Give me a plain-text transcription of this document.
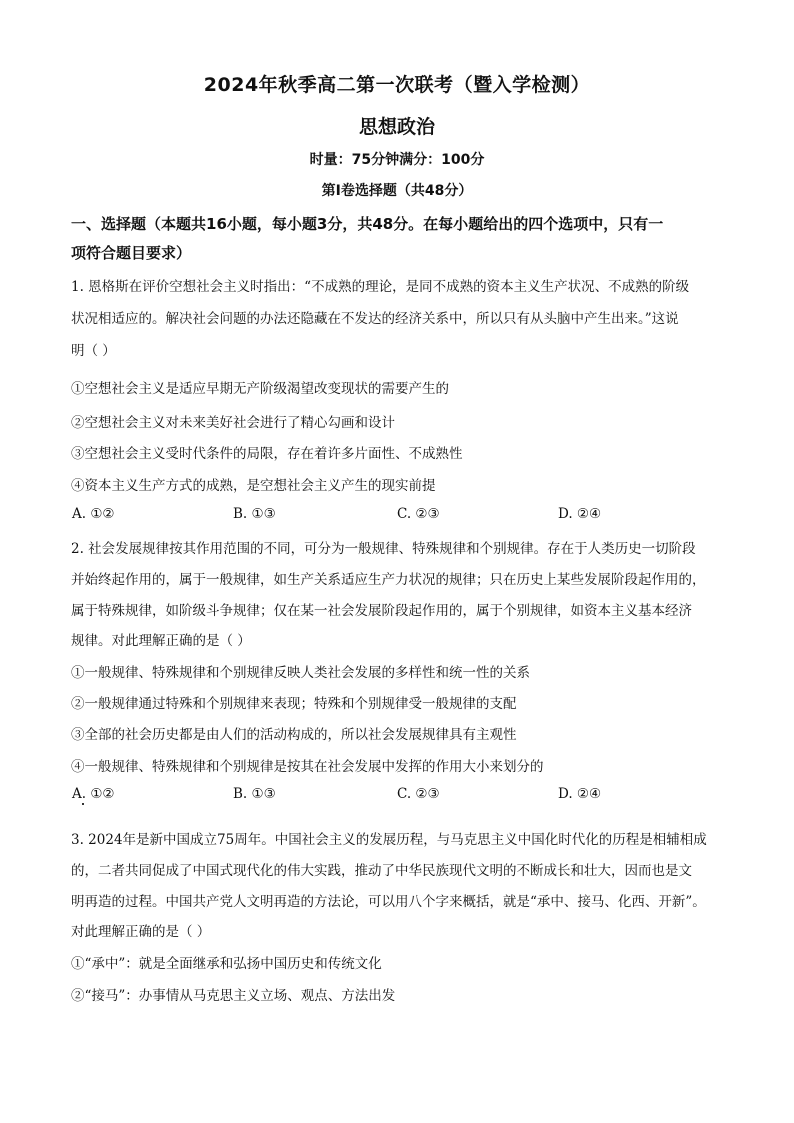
2024年秋季高二第一次联考（暨入学检测）
思想政治
时量：75分钟满分：100分
第Ⅰ卷选择题（共48分）
一、选择题（本题共16小题，每小题3分，共48分。在每小题给出的四个选项中，只有一
项符合题目要求）
1. 恩格斯在评价空想社会主义时指出：“不成熟的理论，是同不成熟的资本主义生产状况、不成熟的阶级
状况相适应的。解决社会问题的办法还隐藏在不发达的经济关系中，所以只有从头脑中产生出来。”这说
明（ ）
①空想社会主义是适应早期无产阶级渴望改变现状的需要产生的
②空想社会主义对未来美好社会进行了精心勾画和设计
③空想社会主义受时代条件的局限，存在着许多片面性、不成熟性
④资本主义生产方式的成熟，是空想社会主义产生的现实前提
A. ①②	B. ①③	C. ②③	D. ②④
2. 社会发展规律按其作用范围的不同，可分为一般规律、特殊规律和个别规律。存在于人类历史一切阶段
并始终起作用的，属于一般规律，如生产关系适应生产力状况的规律；只在历史上某些发展阶段起作用的，
属于特殊规律，如阶级斗争规律；仅在某一社会发展阶段起作用的，属于个别规律，如资本主义基本经济
规律。对此理解正确的是（ ）
①一般规律、特殊规律和个别规律反映人类社会发展的多样性和统一性的关系
②一般规律通过特殊和个别规律来表现；特殊和个别规律受一般规律的支配
③全部的社会历史都是由人们的活动构成的，所以社会发展规律具有主观性
④一般规律、特殊规律和个别规律是按其在社会发展中发挥的作用大小来划分的
A. ①②	B. ①③	C. ②③	D. ②④
3. 2024年是新中国成立75周年。中国社会主义的发展历程，与马克思主义中国化时代化的历程是相辅相成
的，二者共同促成了中国式现代化的伟大实践，推动了中华民族现代文明的不断成长和壮大，因而也是文
明再造的过程。中国共产党人文明再造的方法论，可以用八个字来概括，就是“承中、接马、化西、开新”。
对此理解正确的是（ ）
①“承中”：就是全面继承和弘扬中国历史和传统文化
②“接马”：办事情从马克思主义立场、观点、方法出发
